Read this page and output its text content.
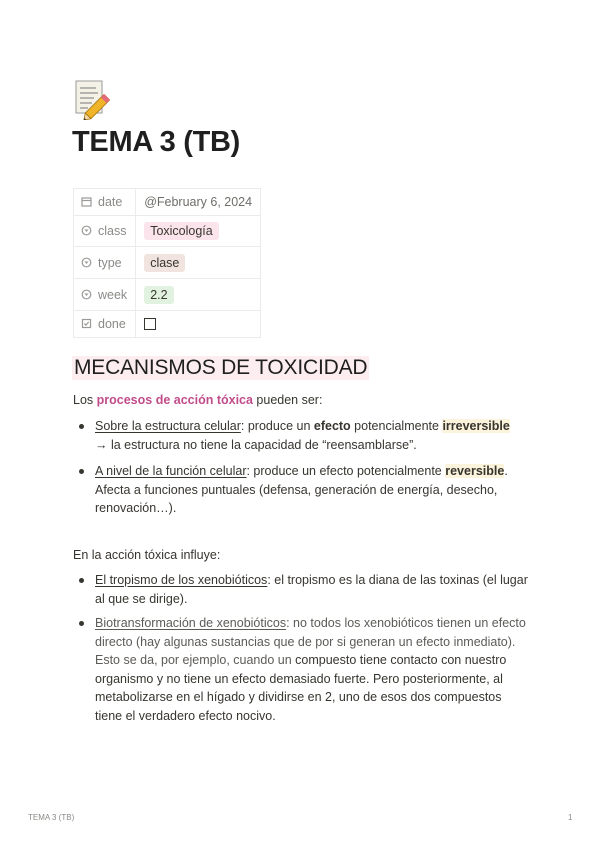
TEMA 3 (TB)
date	@February 6, 2024
class	Toxicología
type	clase
week	2.2
done	
MECANISMOS DE TOXICIDAD

Los procesos de acción tóxica pueden ser:

Sobre la estructura celular: produce un efecto potencialmente irreversible
→ la estructura no tiene la capacidad de “reensamblarse”.
A nivel de la función celular: produce un efecto potencialmente reversible. Afecta a funciones puntuales (defensa, generación de energía, desecho, renovación…).

En la acción tóxica influye:

El tropismo de los xenobióticos: el tropismo es la diana de las toxinas (el lugar al que se dirige).
Biotransformación de xenobióticos: no todos los xenobióticos tienen un efecto directo (hay algunas sustancias que de por si generan un efecto inmediato). Esto se da, por ejemplo, cuando un compuesto tiene contacto con nuestro organismo y no tiene un efecto demasiado fuerte. Pero posteriormente, al metabolizarse en el hígado y dividirse en 2, uno de esos dos compuestos tiene el verdadero efecto nocivo.
TEMA 3 (TB)	1
